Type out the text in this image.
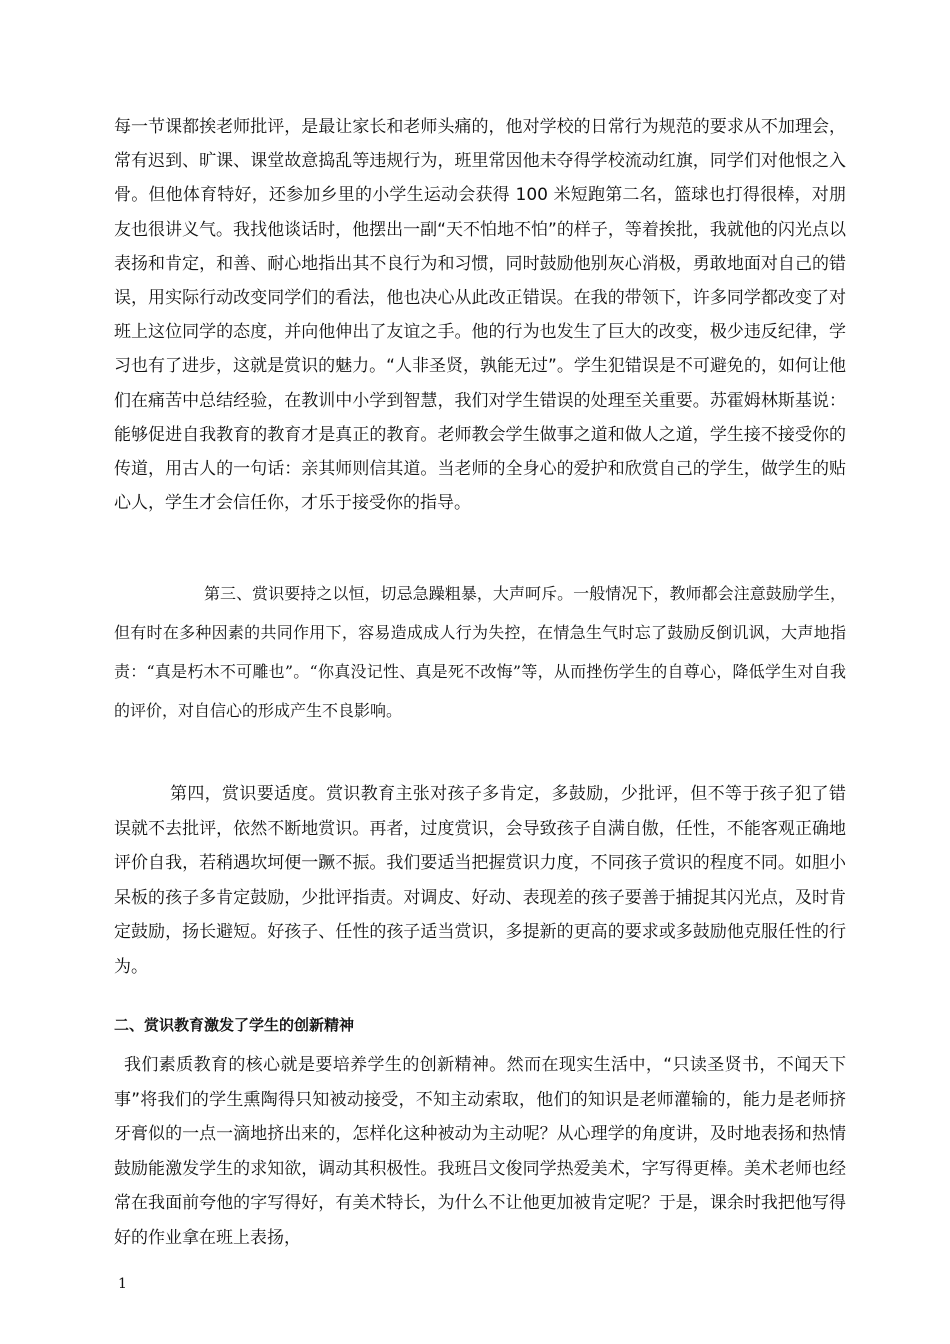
每一节课都挨老师批评，是最让家长和老师头痛的，他对学校的日常行为规范的要求从不加理会，常有迟到、旷课、课堂故意捣乱等违规行为，班里常因他未夺得学校流动红旗，同学们对他恨之入骨。但他体育特好，还参加乡里的小学生运动会获得 100 米短跑第二名，篮球也打得很棒，对朋友也很讲义气。我找他谈话时，他摆出一副“天不怕地不怕”的样子，等着挨批，我就他的闪光点以表扬和肯定，和善、耐心地指出其不良行为和习惯，同时鼓励他别灰心消极，勇敢地面对自己的错误，用实际行动改变同学们的看法，他也决心从此改正错误。在我的带领下，许多同学都改变了对班上这位同学的态度，并向他伸出了友谊之手。他的行为也发生了巨大的改变，极少违反纪律，学习也有了进步，这就是赏识的魅力。“人非圣贤，孰能无过”。学生犯错误是不可避免的，如何让他们在痛苦中总结经验，在教训中小学到智慧，我们对学生错误的处理至关重要。苏霍姆林斯基说：能够促进自我教育的教育才是真正的教育。老师教会学生做事之道和做人之道，学生接不接受你的传道，用古人的一句话：亲其师则信其道。当老师的全身心的爱护和欣赏自己的学生，做学生的贴心人，学生才会信任你，才乐于接受你的指导。

第三、赏识要持之以恒，切忌急躁粗暴，大声呵斥。一般情况下，教师都会注意鼓励学生，但有时在多种因素的共同作用下，容易造成成人行为失控，在情急生气时忘了鼓励反倒讥讽，大声地指责：“真是朽木不可雕也”。“你真没记性、真是死不改悔”等，从而挫伤学生的自尊心，降低学生对自我的评价，对自信心的形成产生不良影响。

第四，赏识要适度。赏识教育主张对孩子多肯定，多鼓励，少批评，但不等于孩子犯了错误就不去批评，依然不断地赏识。再者，过度赏识，会导致孩子自满自傲，任性，不能客观正确地评价自我，若稍遇坎坷便一蹶不振。我们要适当把握赏识力度，不同孩子赏识的程度不同。如胆小呆板的孩子多肯定鼓励，少批评指责。对调皮、好动、表现差的孩子要善于捕捉其闪光点，及时肯定鼓励，扬长避短。好孩子、任性的孩子适当赏识，多提新的更高的要求或多鼓励他克服任性的行为。

二、赏识教育激发了学生的创新精神

我们素质教育的核心就是要培养学生的创新精神。然而在现实生活中，“只读圣贤书，不闻天下事”将我们的学生熏陶得只知被动接受，不知主动索取，他们的知识是老师灌输的，能力是老师挤牙膏似的一点一滴地挤出来的，怎样化这种被动为主动呢？从心理学的角度讲，及时地表扬和热情鼓励能激发学生的求知欲，调动其积极性。我班吕文俊同学热爱美术，字写得更棒。美术老师也经常在我面前夸他的字写得好，有美术特长，为什么不让他更加被肯定呢？于是，课余时我把他写得好的作业拿在班上表扬，

1
